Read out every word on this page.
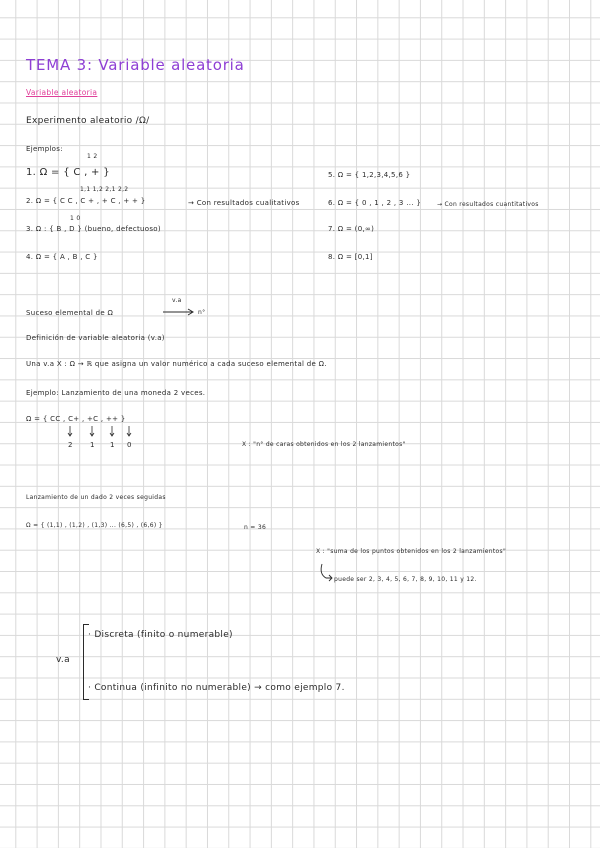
TEMA 3: Variable aleatoria
Variable aleatoria
Experimento aleatorio /Ω/
Ejemplos:
1 2
1. Ω = { C , + }
1,1 1,2 2,1 2,2
2. Ω = { C C , C + , + C , + + }	→ Con resultados cualitativos
1 0
3. Ω : { B , D } (bueno, defectuoso)
4. Ω = { A , B , C }
5. Ω = { 1,2,3,4,5,6 }
6. Ω = { 0 , 1 , 2 , 3 ... }	→ Con resultados cuantitativos
7. Ω = (0,∞)
8. Ω = [0,1]
Suceso elemental de Ω
v.a
n°
Definición de variable aleatoria (v.a)
Una v.a X : Ω → ℝ que asigna un valor numérico a cada suceso elemental de Ω.
Ejemplo: Lanzamiento de una moneda 2 veces.
Ω = { CC , C+ , +C , ++ }
2 1 1 0	X : "n° de caras obtenidos en los 2 lanzamientos"
Lanzamiento de un dado 2 veces seguidas
Ω = { (1,1) , (1,2) , (1,3) ... (6,5) , (6,6) }	n = 36
X : "suma de los puntos obtenidos en los 2 lanzamientos"
puede ser 2, 3, 4, 5, 6, 7, 8, 9, 10, 11 y 12.
v.a
· Discreta (finito o numerable)
· Continua (infinito no numerable) → como ejemplo 7.
